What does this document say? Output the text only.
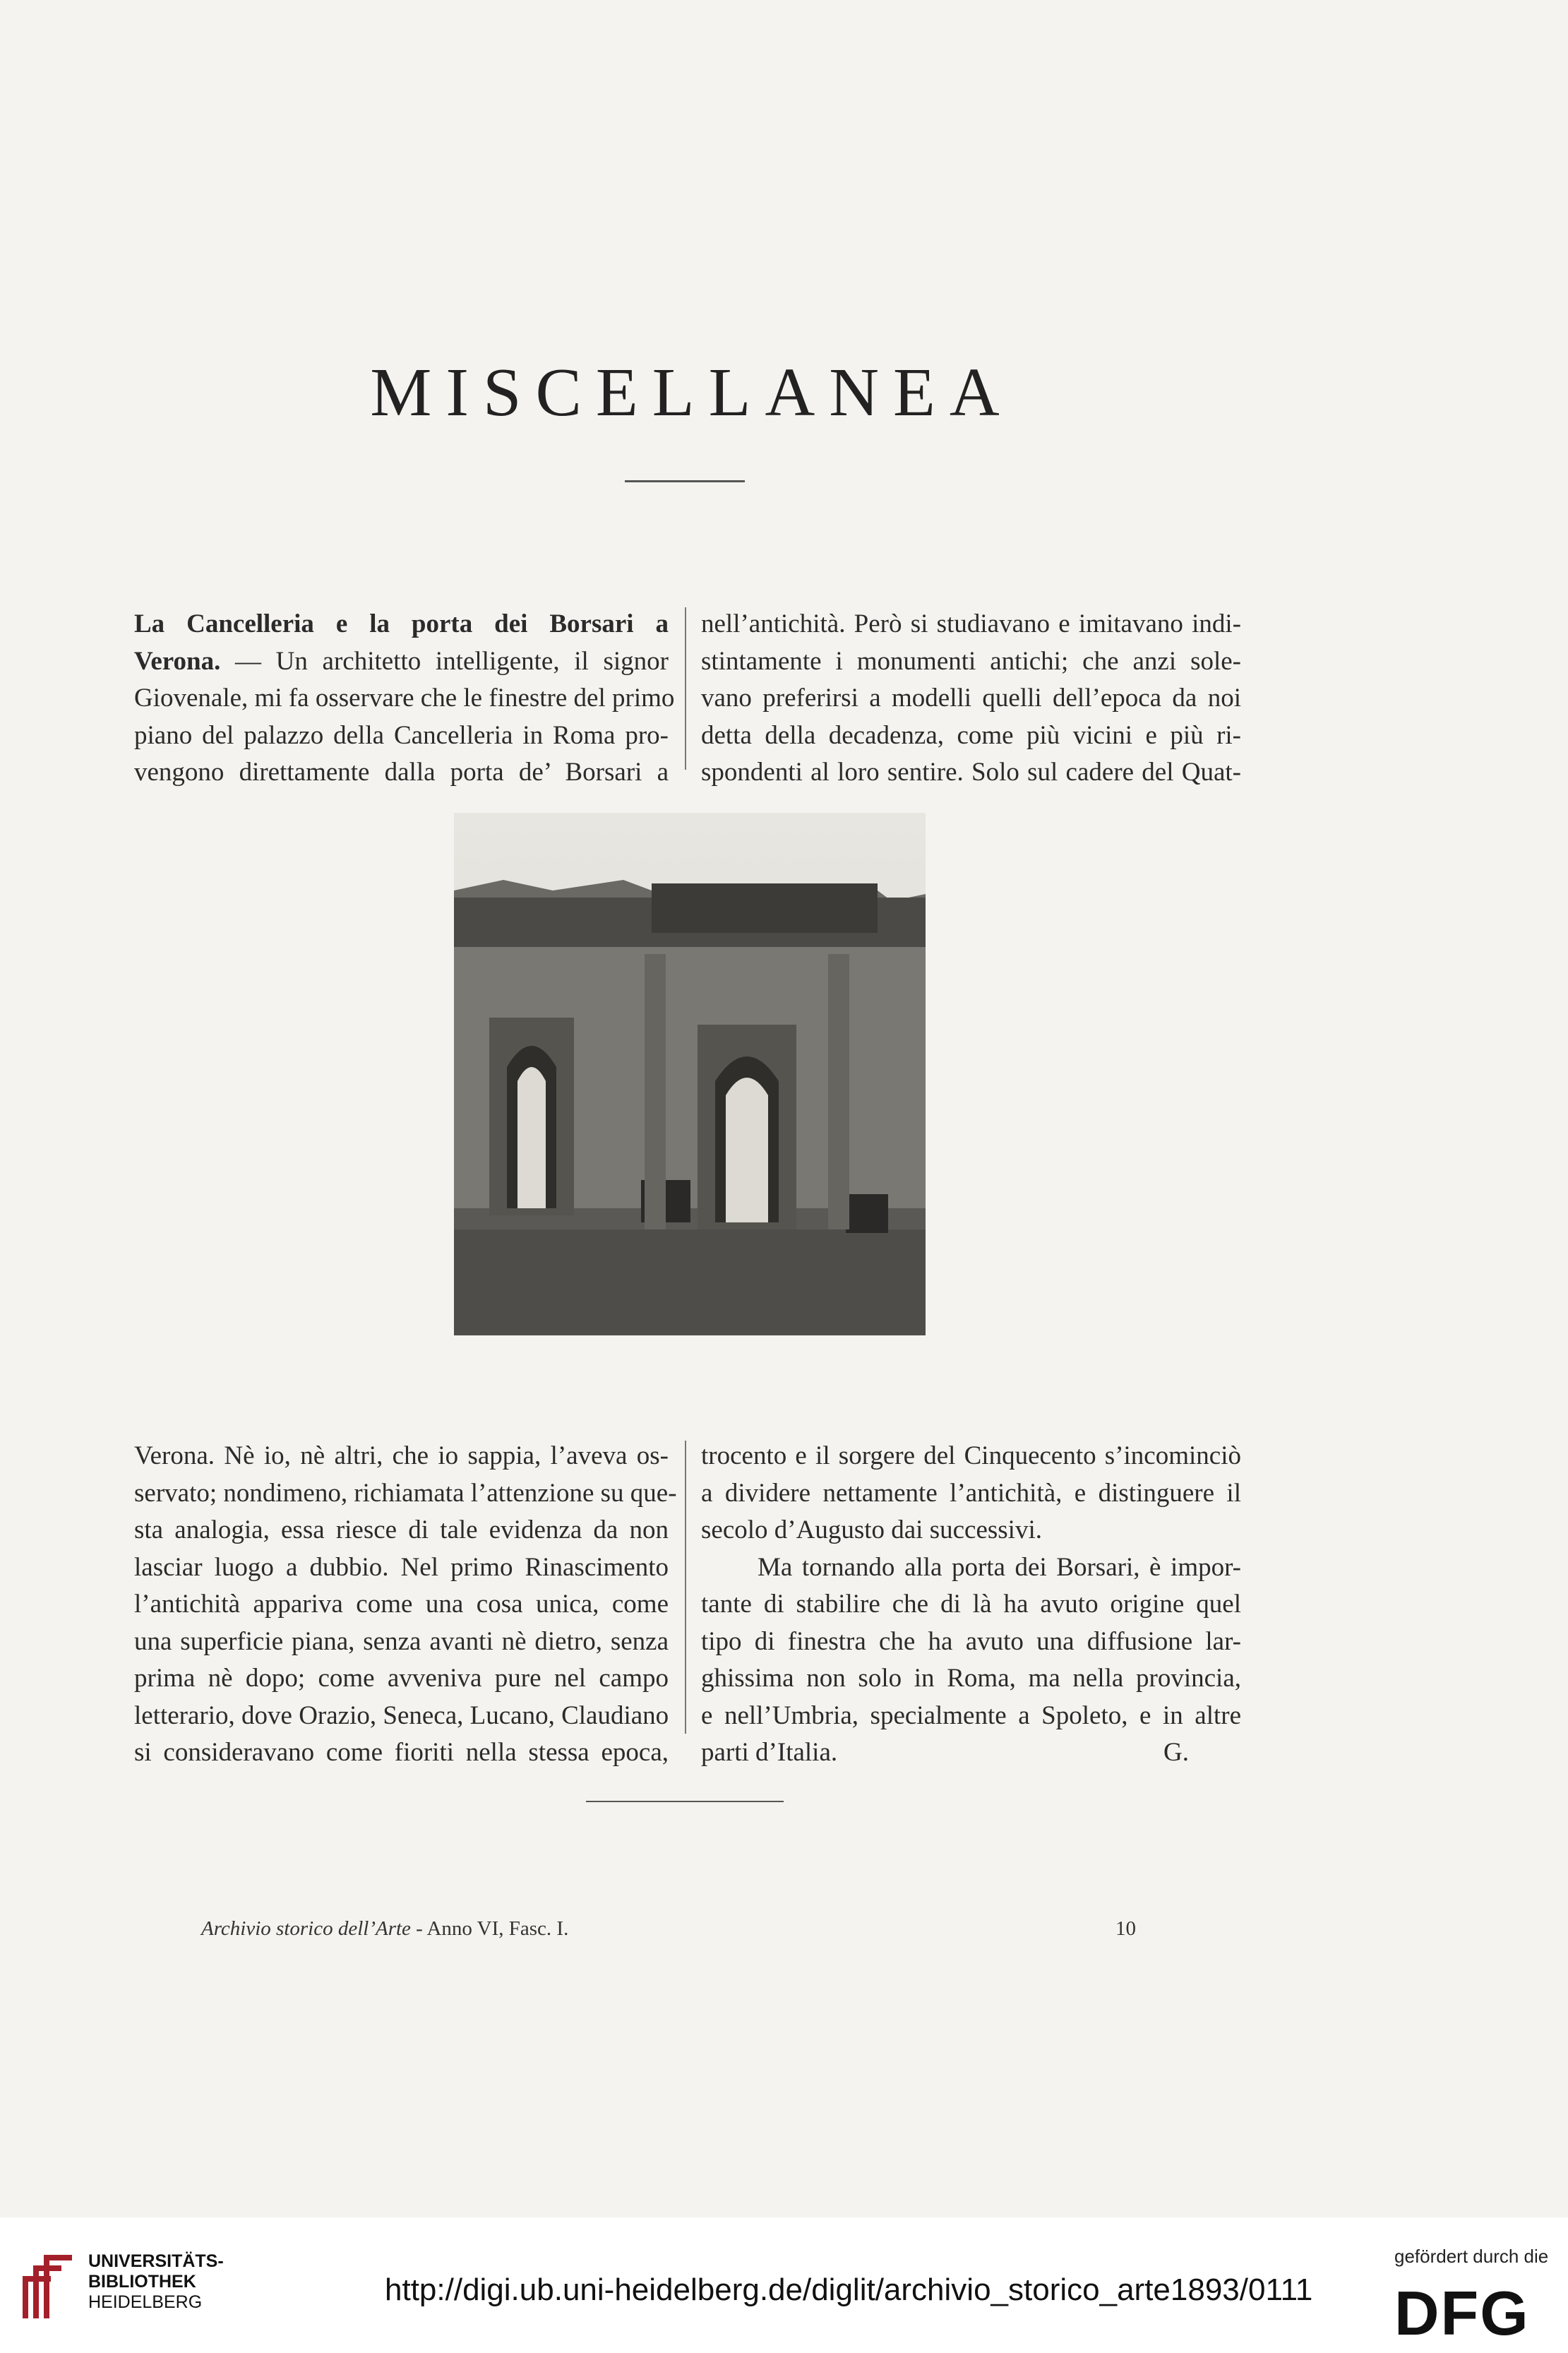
MISCELLANEA
La Cancelleria e la porta dei Borsari a
Verona. — Un architetto intelligente, il signor
Giovenale, mi fa osservare che le finestre del primo
piano del palazzo della Cancelleria in Roma pro-
vengono direttamente dalla porta de’ Borsari a
nell’antichità. Però si studiavano e imitavano indi-
stintamente i monumenti antichi; che anzi sole-
vano preferirsi a modelli quelli dell’epoca da noi
detta della decadenza, come più vicini e più ri-
spondenti al loro sentire. Solo sul cadere del Quat-
Verona. Nè io, nè altri, che io sappia, l’aveva os-
servato; nondimeno, richiamata l’attenzione su que-
sta analogia, essa riesce di tale evidenza da non
lasciar luogo a dubbio. Nel primo Rinascimento
l’antichità appariva come una cosa unica, come
una superficie piana, senza avanti nè dietro, senza
prima nè dopo; come avveniva pure nel campo
letterario, dove Orazio, Seneca, Lucano, Claudiano
si consideravano come fioriti nella stessa epoca,
trocento e il sorgere del Cinquecento s’incominciò
a dividere nettamente l’antichità, e distinguere il
secolo d’Augusto dai successivi.
Ma tornando alla porta dei Borsari, è impor-
tante di stabilire che di là ha avuto origine quel
tipo di finestra che ha avuto una diffusione lar-
ghissima non solo in Roma, ma nella provincia,
e nell’Umbria, specialmente a Spoleto, e in altre
parti d’Italia.	G.
Archivio storico dell’Arte - Anno VI, Fasc. I.	10
UNIVERSITÄTS-
BIBLIOTHEK
HEIDELBERG	http://digi.ub.uni-heidelberg.de/diglit/archivio_storico_arte1893/0111
gefördert durch die
DFG
